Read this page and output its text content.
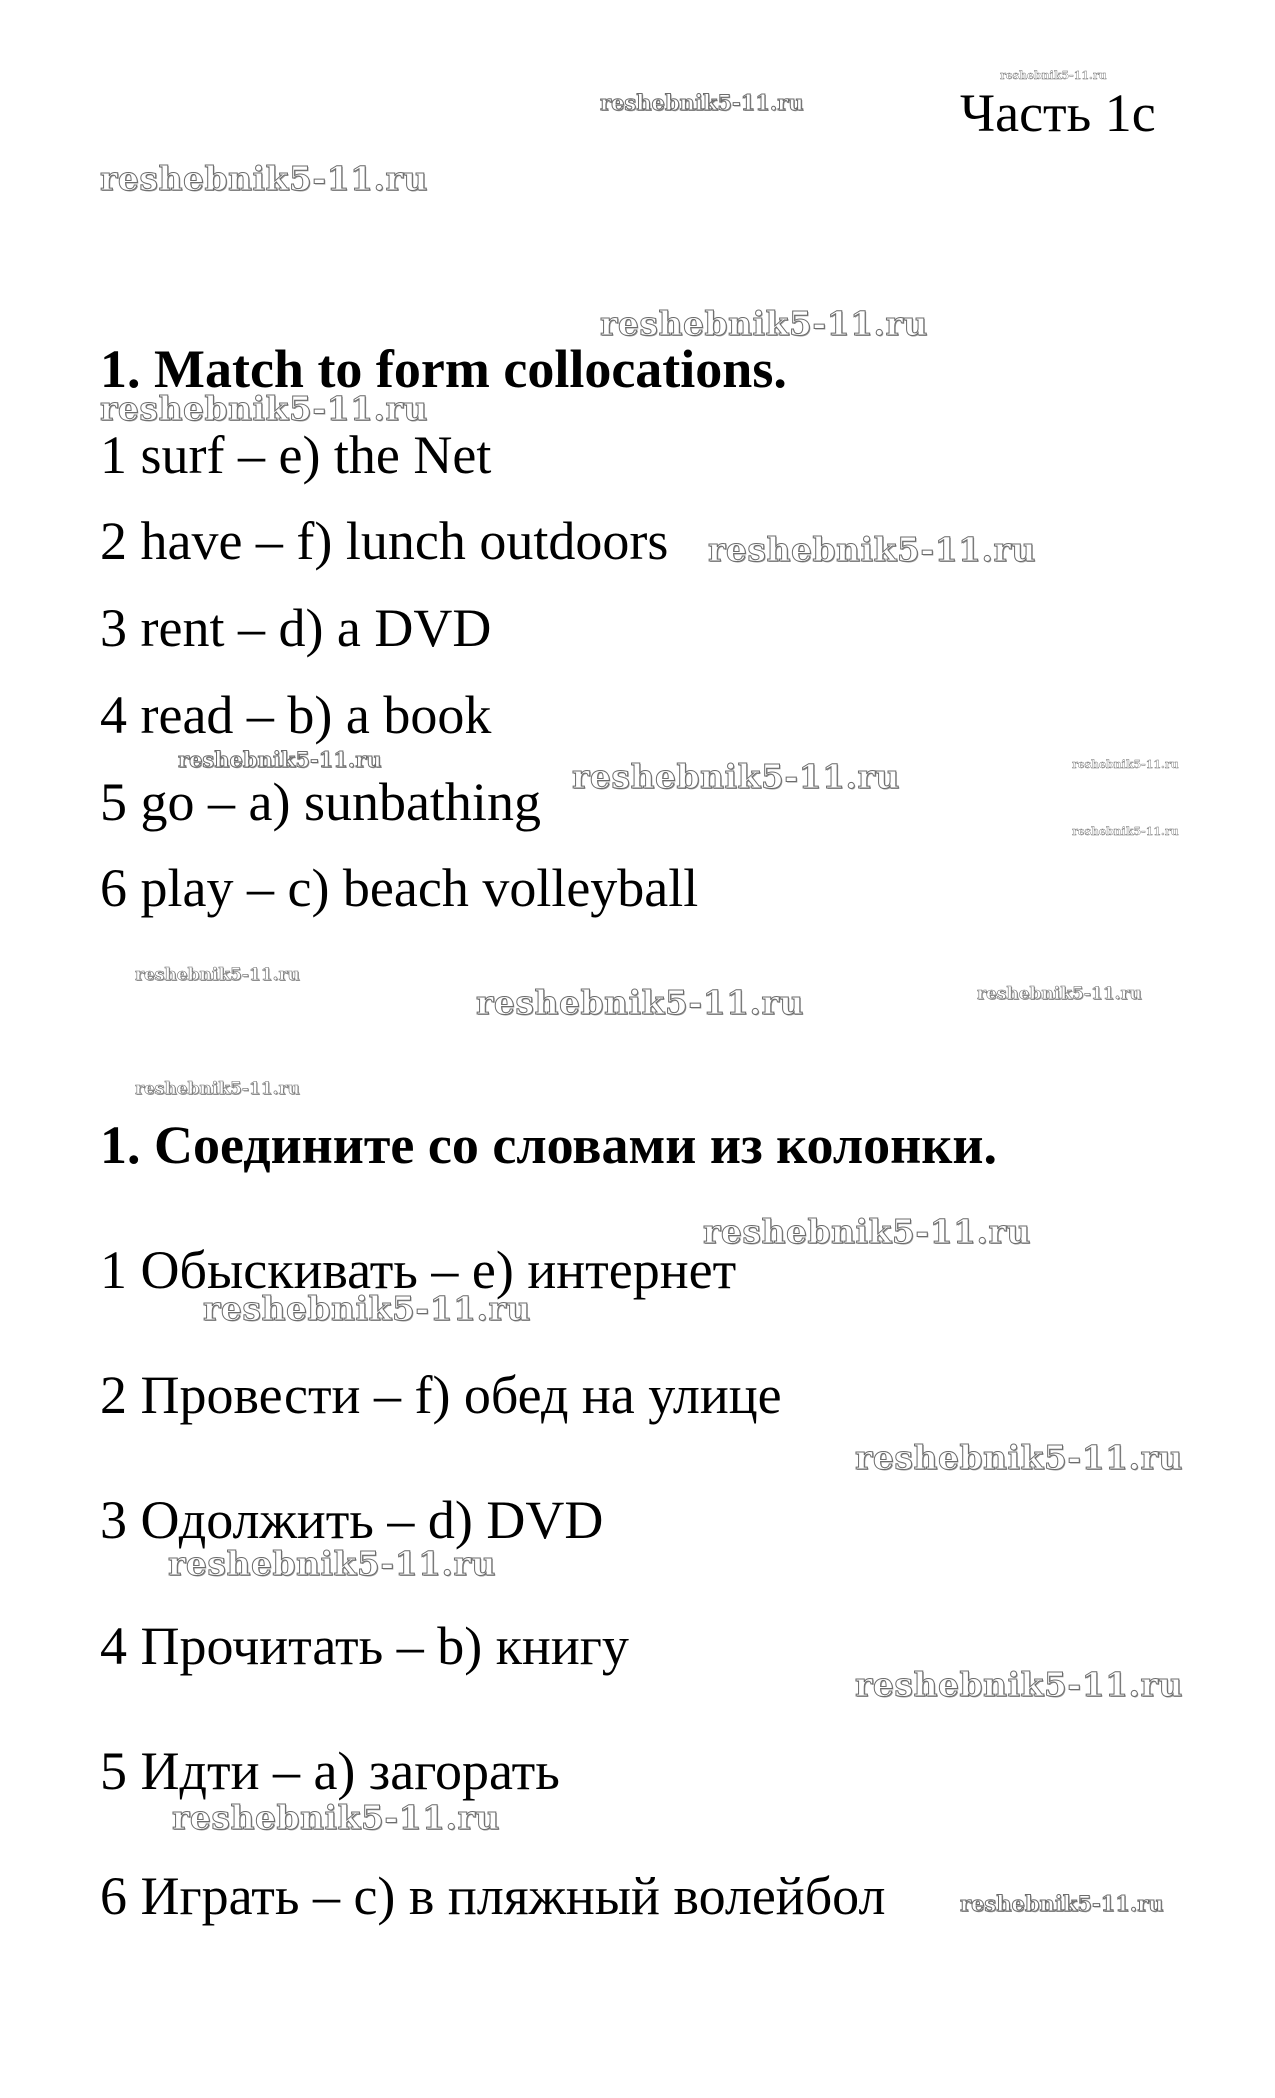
Часть 1c
1. Match to form collocations.
1 surf – e) the Net
2 have – f) lunch outdoors
3 rent – d) a DVD
4 read – b) a book
5 go – a) sunbathing
6 play – c) beach volleyball
1. Соедините со словами из колонки.
1 Обыскивать – e) интернет
2 Провести – f) обед на улице
3 Одолжить – d) DVD
4 Прочитать – b) книгу
5 Идти – a) загорать
6 Играть – c) в пляжный волейбол
reshebnik5-11.ru
reshebnik5-11.ru
reshebnik5-11.ru
reshebnik5-11.ru
reshebnik5-11.ru
reshebnik5-11.ru
reshebnik5-11.ru	reshebnik5-11.ru	reshebnik5-11.ru
reshebnik5-11.ru
reshebnik5-11.ru
reshebnik5-11.ru	reshebnik5-11.ru
reshebnik5-11.ru
reshebnik5-11.ru
reshebnik5-11.ru
reshebnik5-11.ru
reshebnik5-11.ru
reshebnik5-11.ru
reshebnik5-11.ru
reshebnik5-11.ru
